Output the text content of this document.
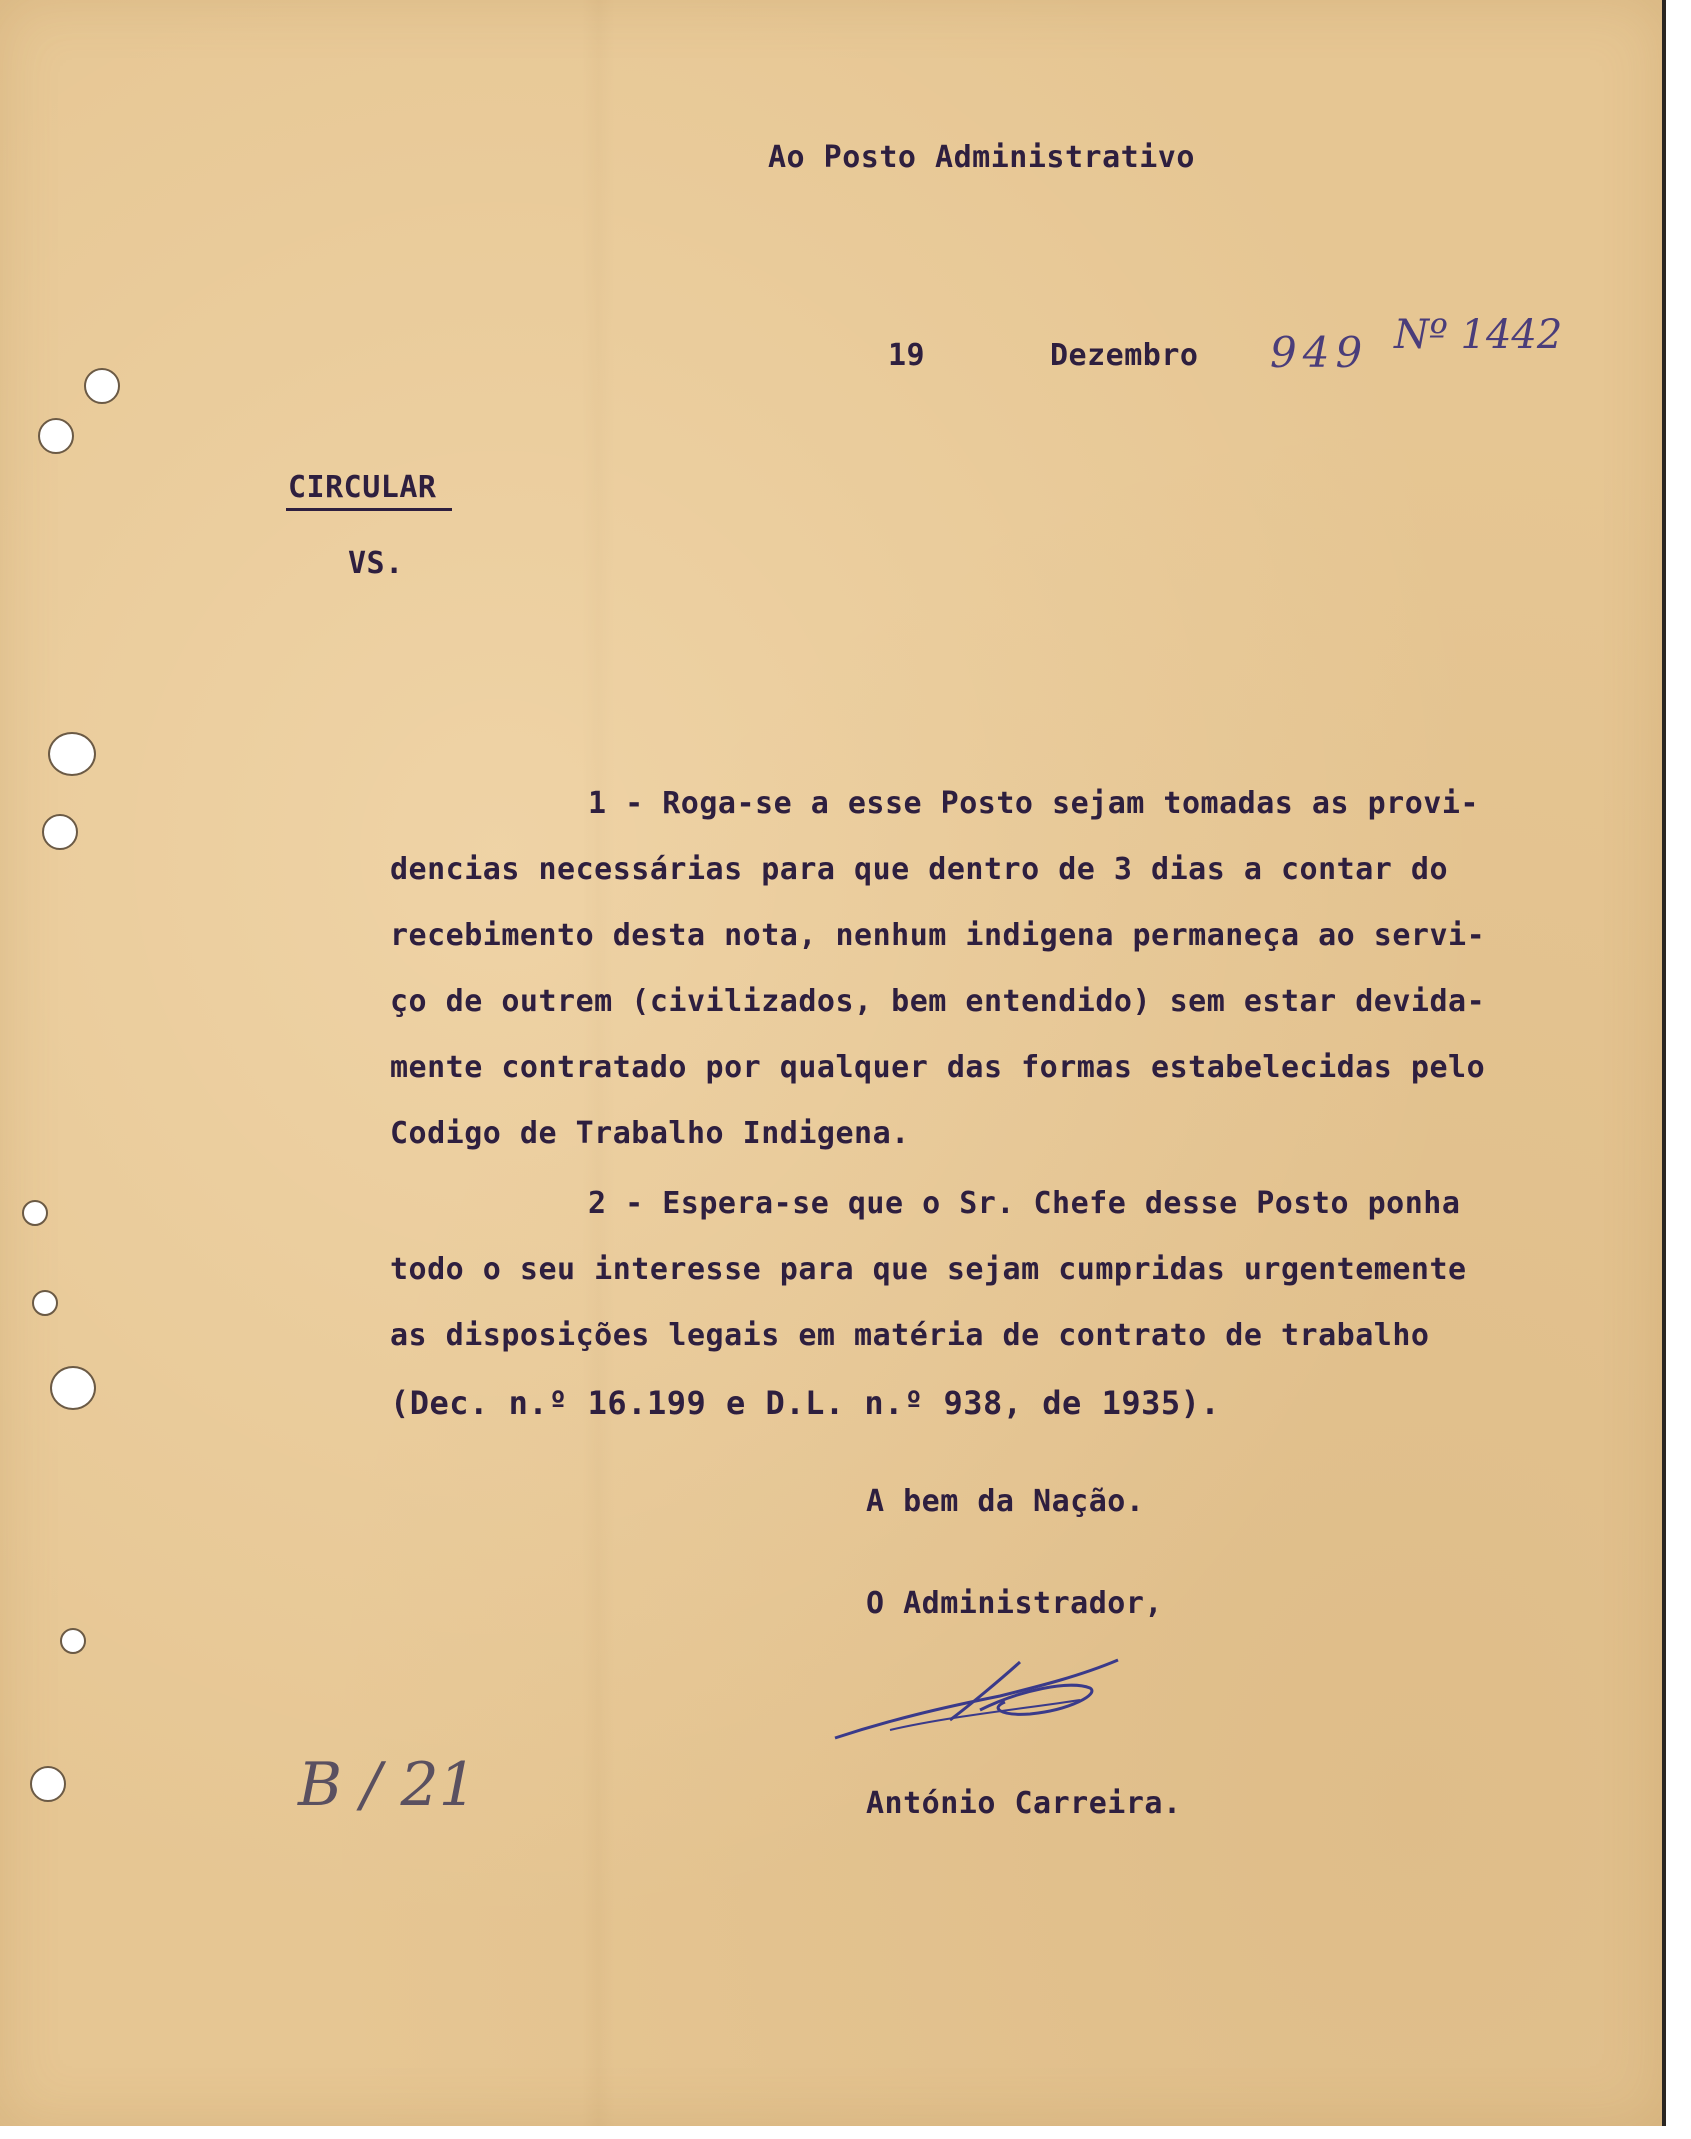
Ao Posto Administrativo
19	Dezembro 949 Nº 1442
CIRCULAR
VS.
1 - Roga-se a esse Posto sejam tomadas as provi-
dencias necessárias para que dentro de 3 dias a contar do
recebimento desta nota, nenhum indigena permaneça ao servi-
ço de outrem (civilizados, bem entendido) sem estar devida-
mente contratado por qualquer das formas estabelecidas pelo
Codigo de Trabalho Indigena.
2 - Espera-se que o Sr. Chefe desse Posto ponha
todo o seu interesse para que sejam cumpridas urgentemente
as disposições legais em matéria de contrato de trabalho
(Dec. n.º 16.199 e D.L. n.º 938, de 1935).
A bem da Nação.
O Administrador,
António Carreira.
B / 21
